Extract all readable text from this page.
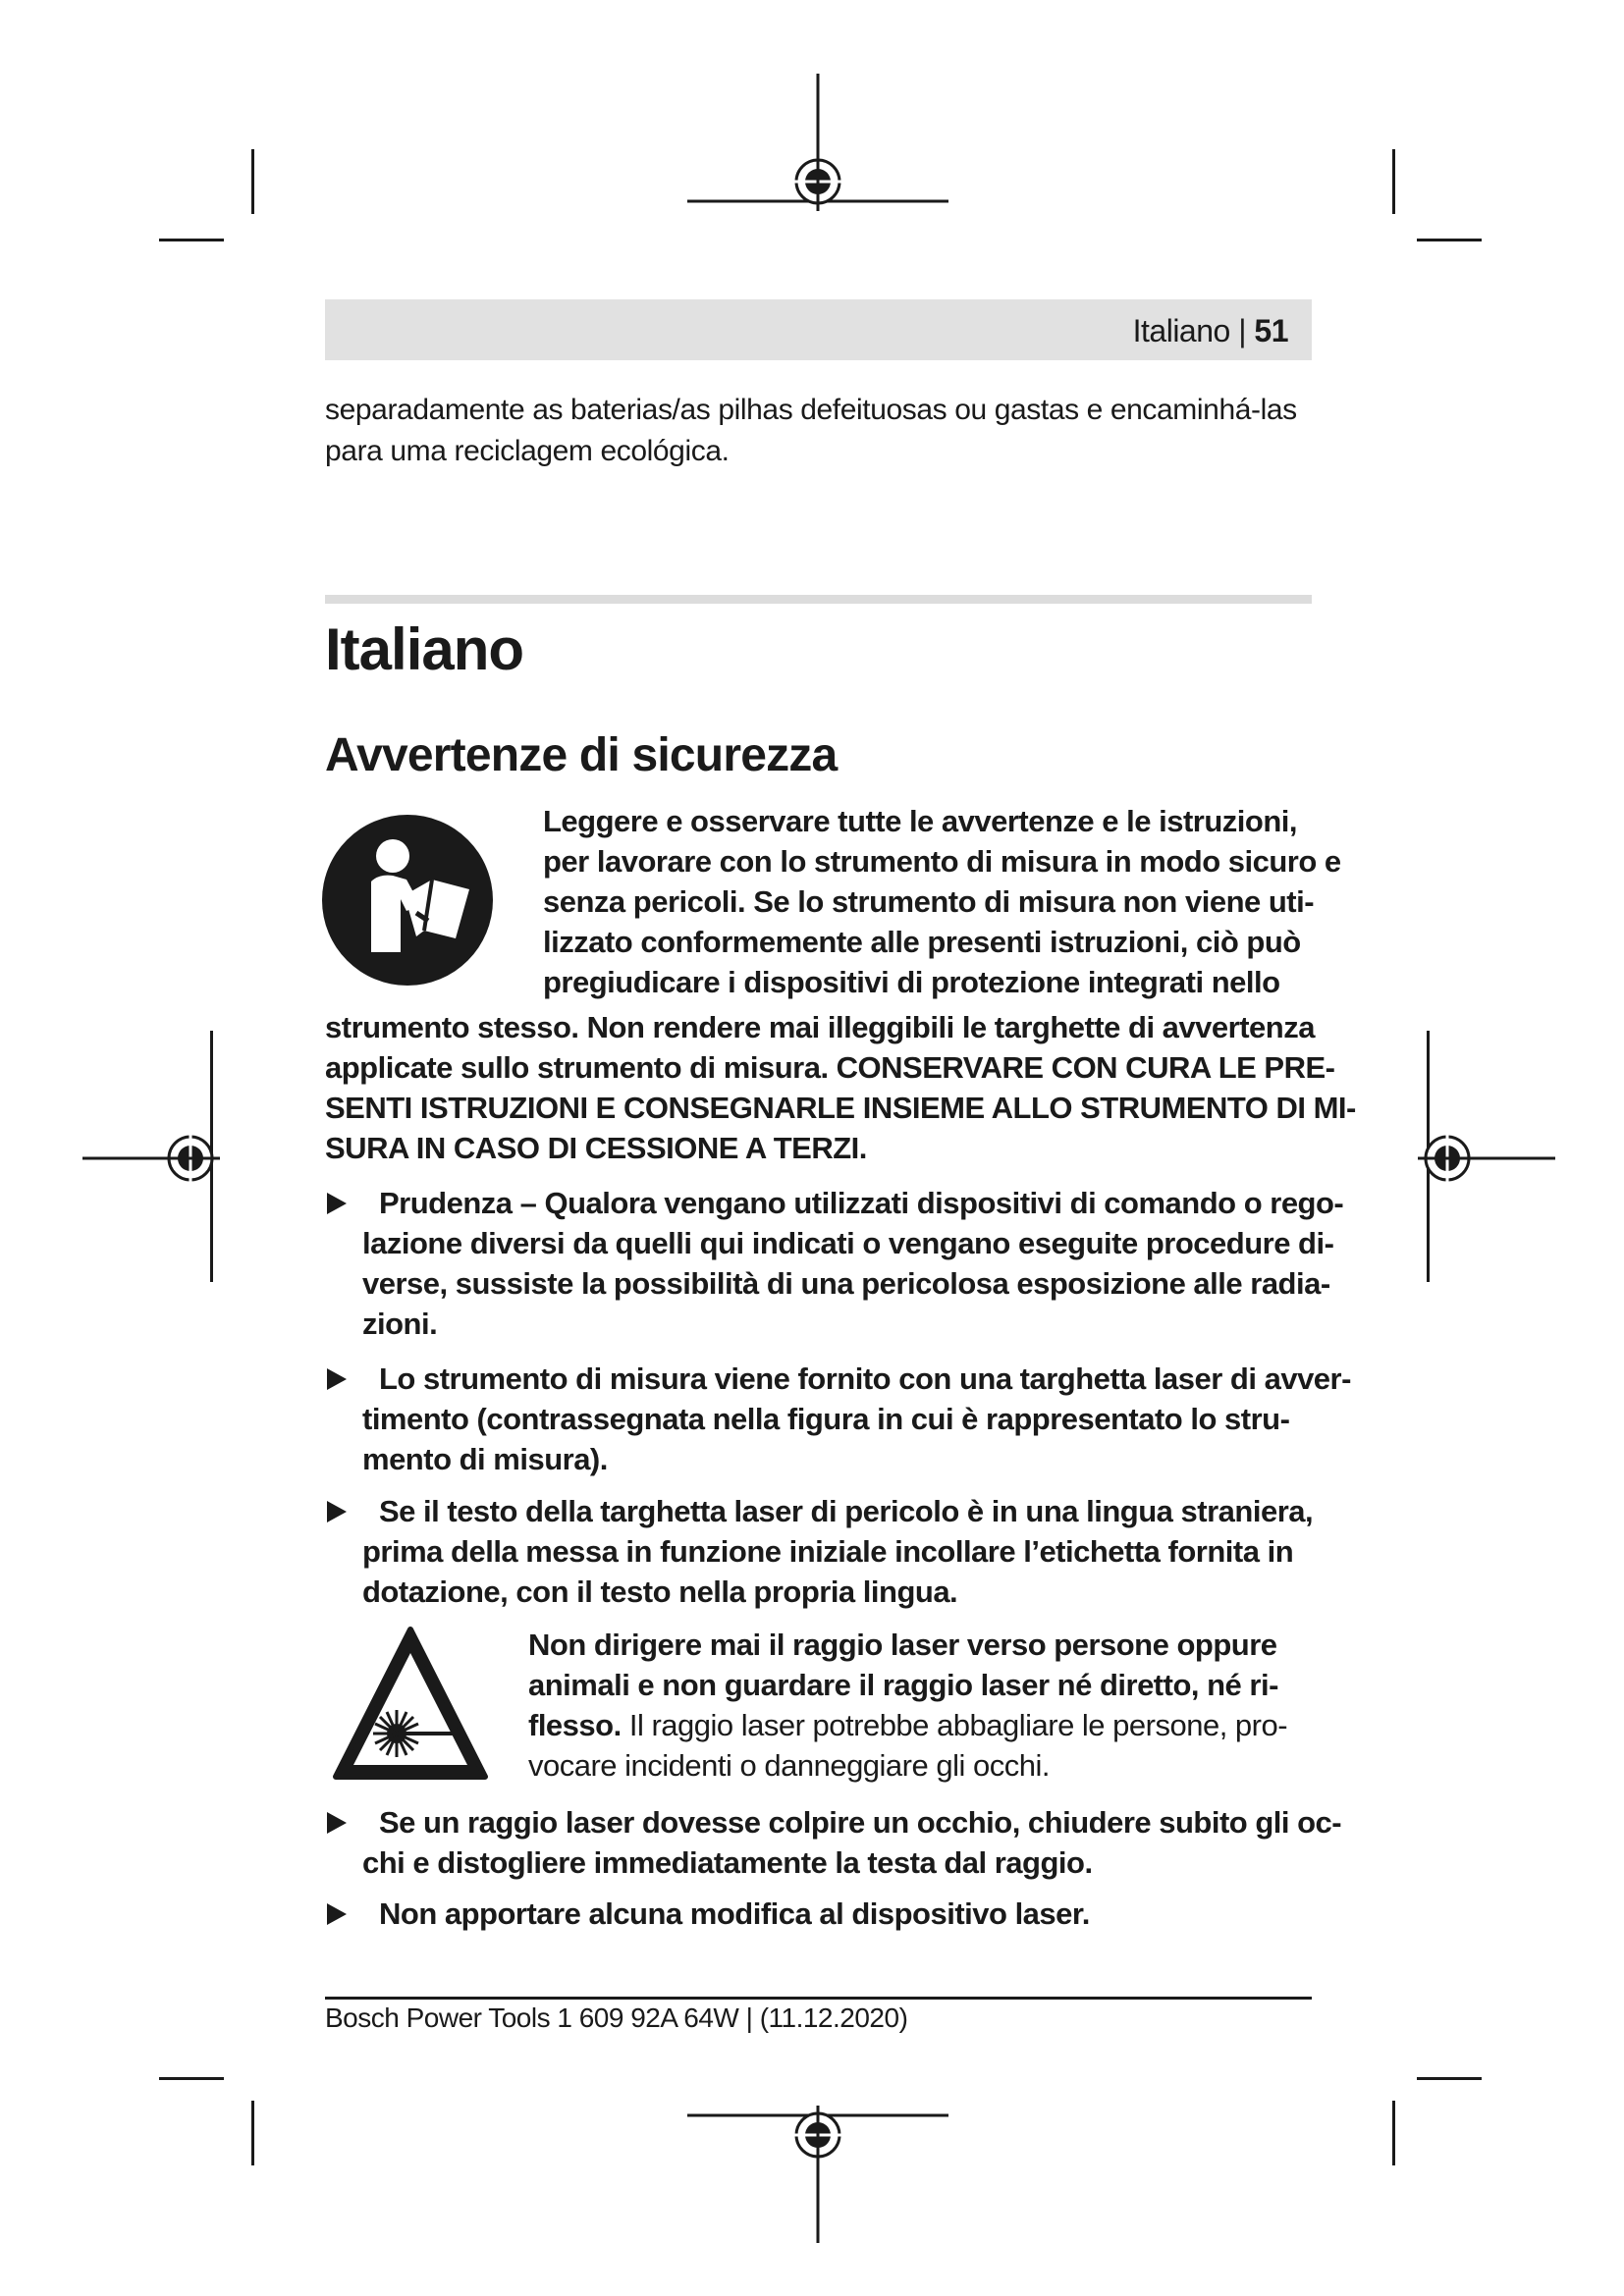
Italiano | 51
separadamente as baterias/as pilhas defeituosas ou gastas e encaminhá-las
para uma reciclagem ecológica.
Italiano
Avvertenze di sicurezza
Leggere e osservare tutte le avvertenze e le istruzioni,
per lavorare con lo strumento di misura in modo sicuro e
senza pericoli. Se lo strumento di misura non viene uti-
lizzato conformemente alle presenti istruzioni, ciò può
pregiudicare i dispositivi di protezione integrati nello
strumento stesso. Non rendere mai illeggibili le targhette di avvertenza
applicate sullo strumento di misura. CONSERVARE CON CURA LE PRE-
SENTI ISTRUZIONI E CONSEGNARLE INSIEME ALLO STRUMENTO DI MI-
SURA IN CASO DI CESSIONE A TERZI.
Prudenza – Qualora vengano utilizzati dispositivi di comando o rego-
lazione diversi da quelli qui indicati o vengano eseguite procedure di-
verse, sussiste la possibilità di una pericolosa esposizione alle radia-
zioni.
Lo strumento di misura viene fornito con una targhetta laser di avver-
timento (contrassegnata nella figura in cui è rappresentato lo stru-
mento di misura).
Se il testo della targhetta laser di pericolo è in una lingua straniera,
prima della messa in funzione iniziale incollare l’etichetta fornita in
dotazione, con il testo nella propria lingua.
Non dirigere mai il raggio laser verso persone oppure
animali e non guardare il raggio laser né diretto, né ri-
flesso. Il raggio laser potrebbe abbagliare le persone, pro-
vocare incidenti o danneggiare gli occhi.
Se un raggio laser dovesse colpire un occhio, chiudere subito gli oc-
chi e distogliere immediatamente la testa dal raggio.
Non apportare alcuna modifica al dispositivo laser.
Bosch Power Tools 1 609 92A 64W | (11.12.2020)
